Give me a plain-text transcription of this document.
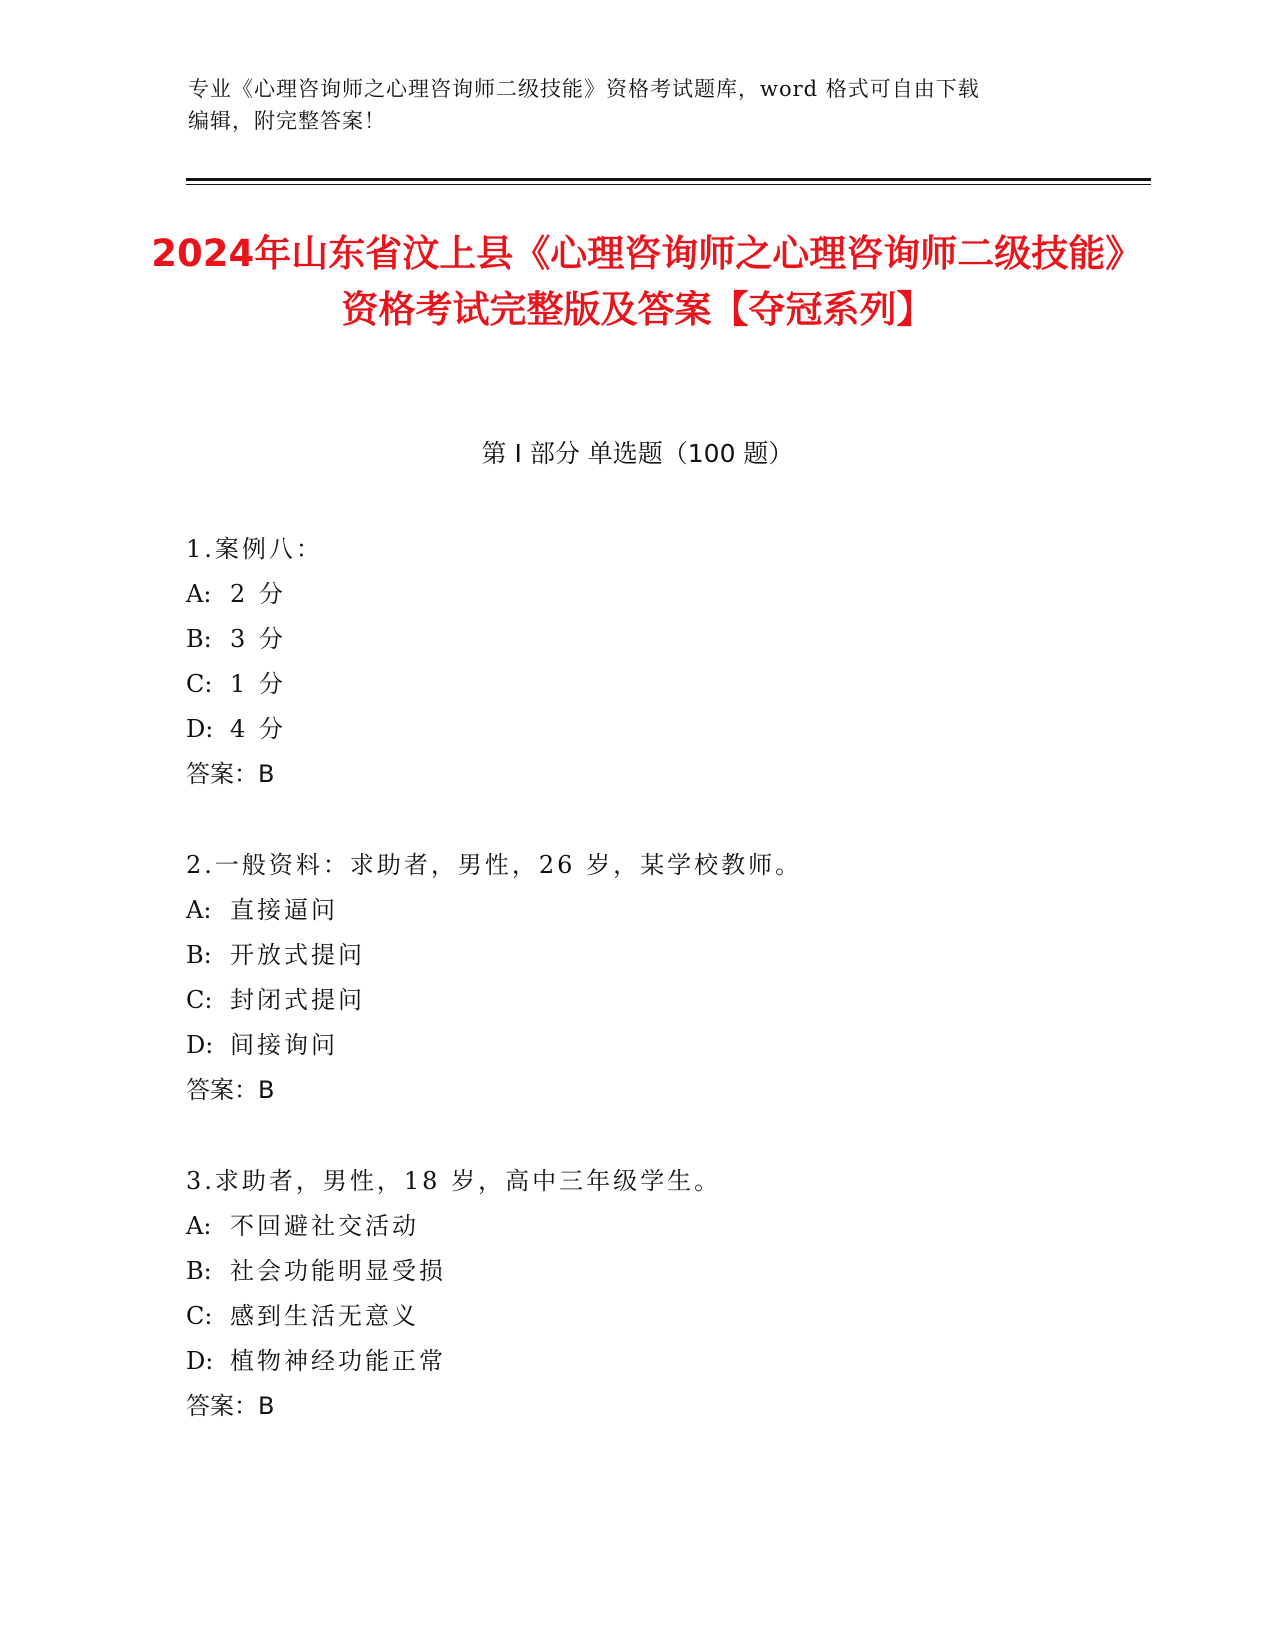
专业《心理咨询师之心理咨询师二级技能》资格考试题库，word 格式可自由下载
编辑，附完整答案！
2024年山东省汶上县《心理咨询师之心理咨询师二级技能》资格考试完整版及答案【夺冠系列】
第 I 部分 单选题（100 题）
1.案例八：
A: 2 分
B: 3 分
C: 1 分
D: 4 分
答案：B
2.一般资料：求助者，男性，26 岁，某学校教师。
A: 直接逼问
B: 开放式提问
C: 封闭式提问
D: 间接询问
答案：B
3.求助者，男性，18 岁，高中三年级学生。
A: 不回避社交活动
B: 社会功能明显受损
C: 感到生活无意义
D: 植物神经功能正常
答案：B
